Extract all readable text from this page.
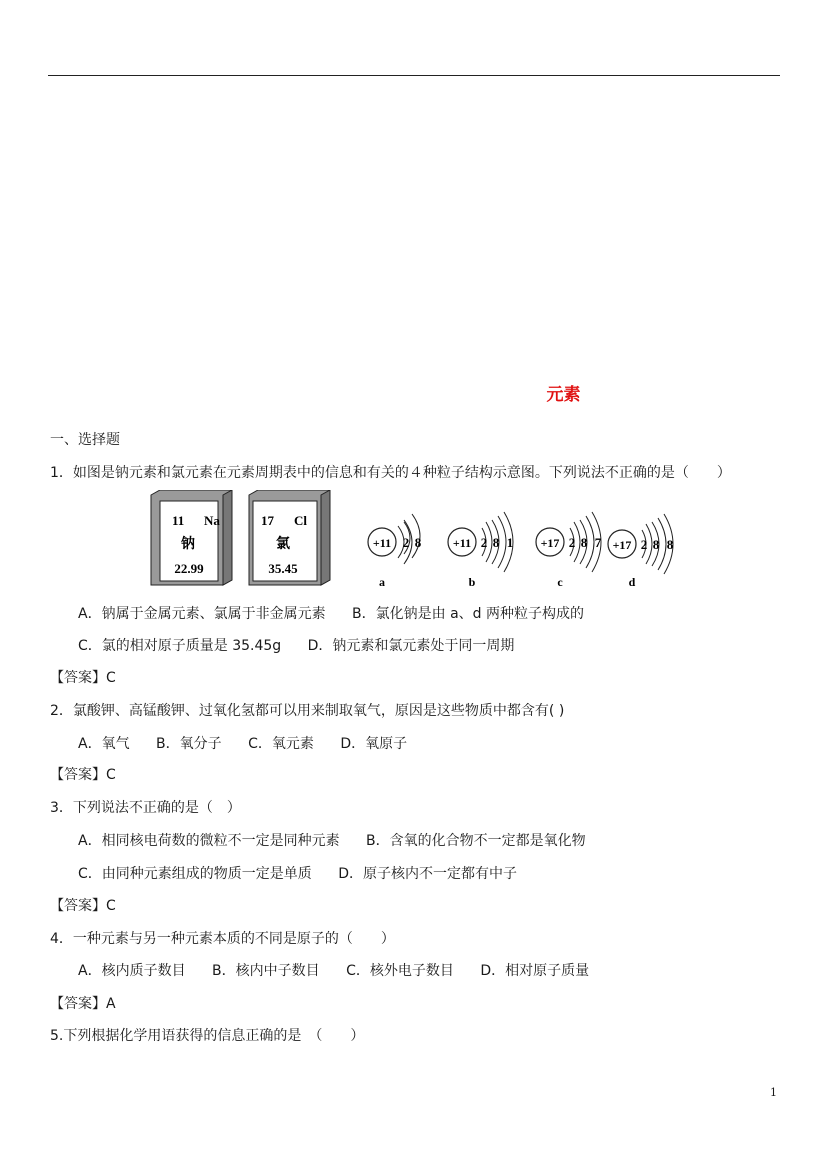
元素
一、选择题
1．如图是钠元素和氯元素在元素周期表中的信息和有关的４种粒子结构示意图。下列说法不正确的是（　　）
11 Na
钠
22.99
17 Cl
氯
35.45
+11 2 8
a
+11 2 8 1
b
+17 2 8 7
c
+17 2 8 8
d
A．钠属于金属元素、氯属于非金属元素 B．氯化钠是由 a、d 两种粒子构成的
C．氯的相对原子质量是 35.45g D．钠元素和氯元素处于同一周期
【答案】C
2．氯酸钾、高锰酸钾、过氧化氢都可以用来制取氧气，原因是这些物质中都含有( )
A．氧气 B．氧分子 C．氧元素 D．氧原子
【答案】C
3．下列说法不正确的是（　）
A．相同核电荷数的微粒不一定是同种元素 B．含氧的化合物不一定都是氧化物
C．由同种元素组成的物质一定是单质 D．原子核内不一定都有中子
【答案】C
4．一种元素与另一种元素本质的不同是原子的（　　）
A．核内质子数目 B．核内中子数目 C．核外电子数目 D．相对原子质量
【答案】A
5.下列根据化学用语获得的信息正确的是　（　　）
1
